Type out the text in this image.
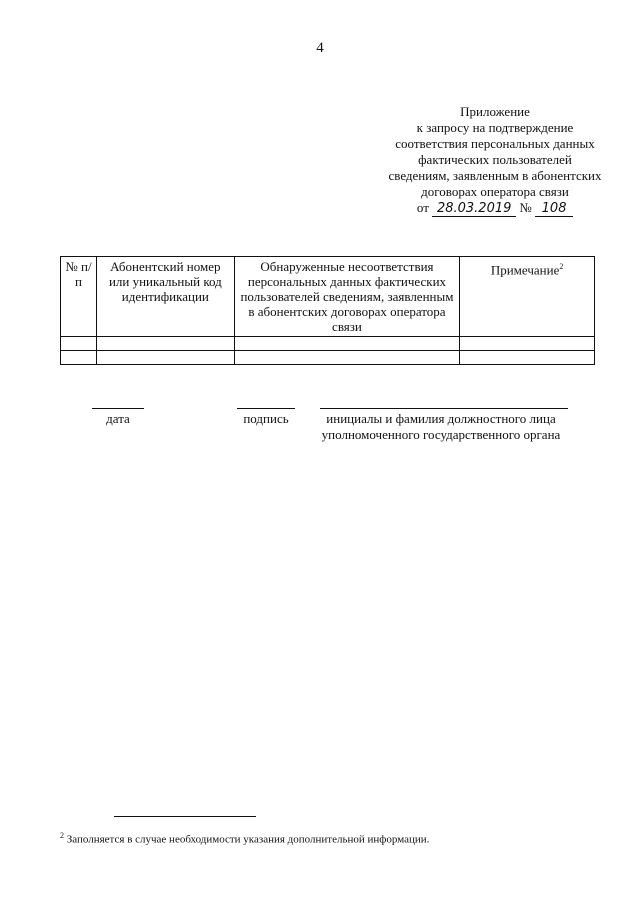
4
Приложение
к запросу на подтверждение
соответствия персональных данных
фактических пользователей
сведениям, заявленным в абонентских
договорах оператора связи
от 28.03.2019 № 108
№ п/п	Абонентский номер или уникальный код идентификации	Обнаруженные несоответствия персональных данных фактических пользователей сведениям, заявленным в абонентских договорах оператора связи	Примечание$^2$

дата	подпись	инициалы и фамилия должностного лица
уполномоченного государственного органа
$^2$ Заполняется в случае необходимости указания дополнительной информации.
